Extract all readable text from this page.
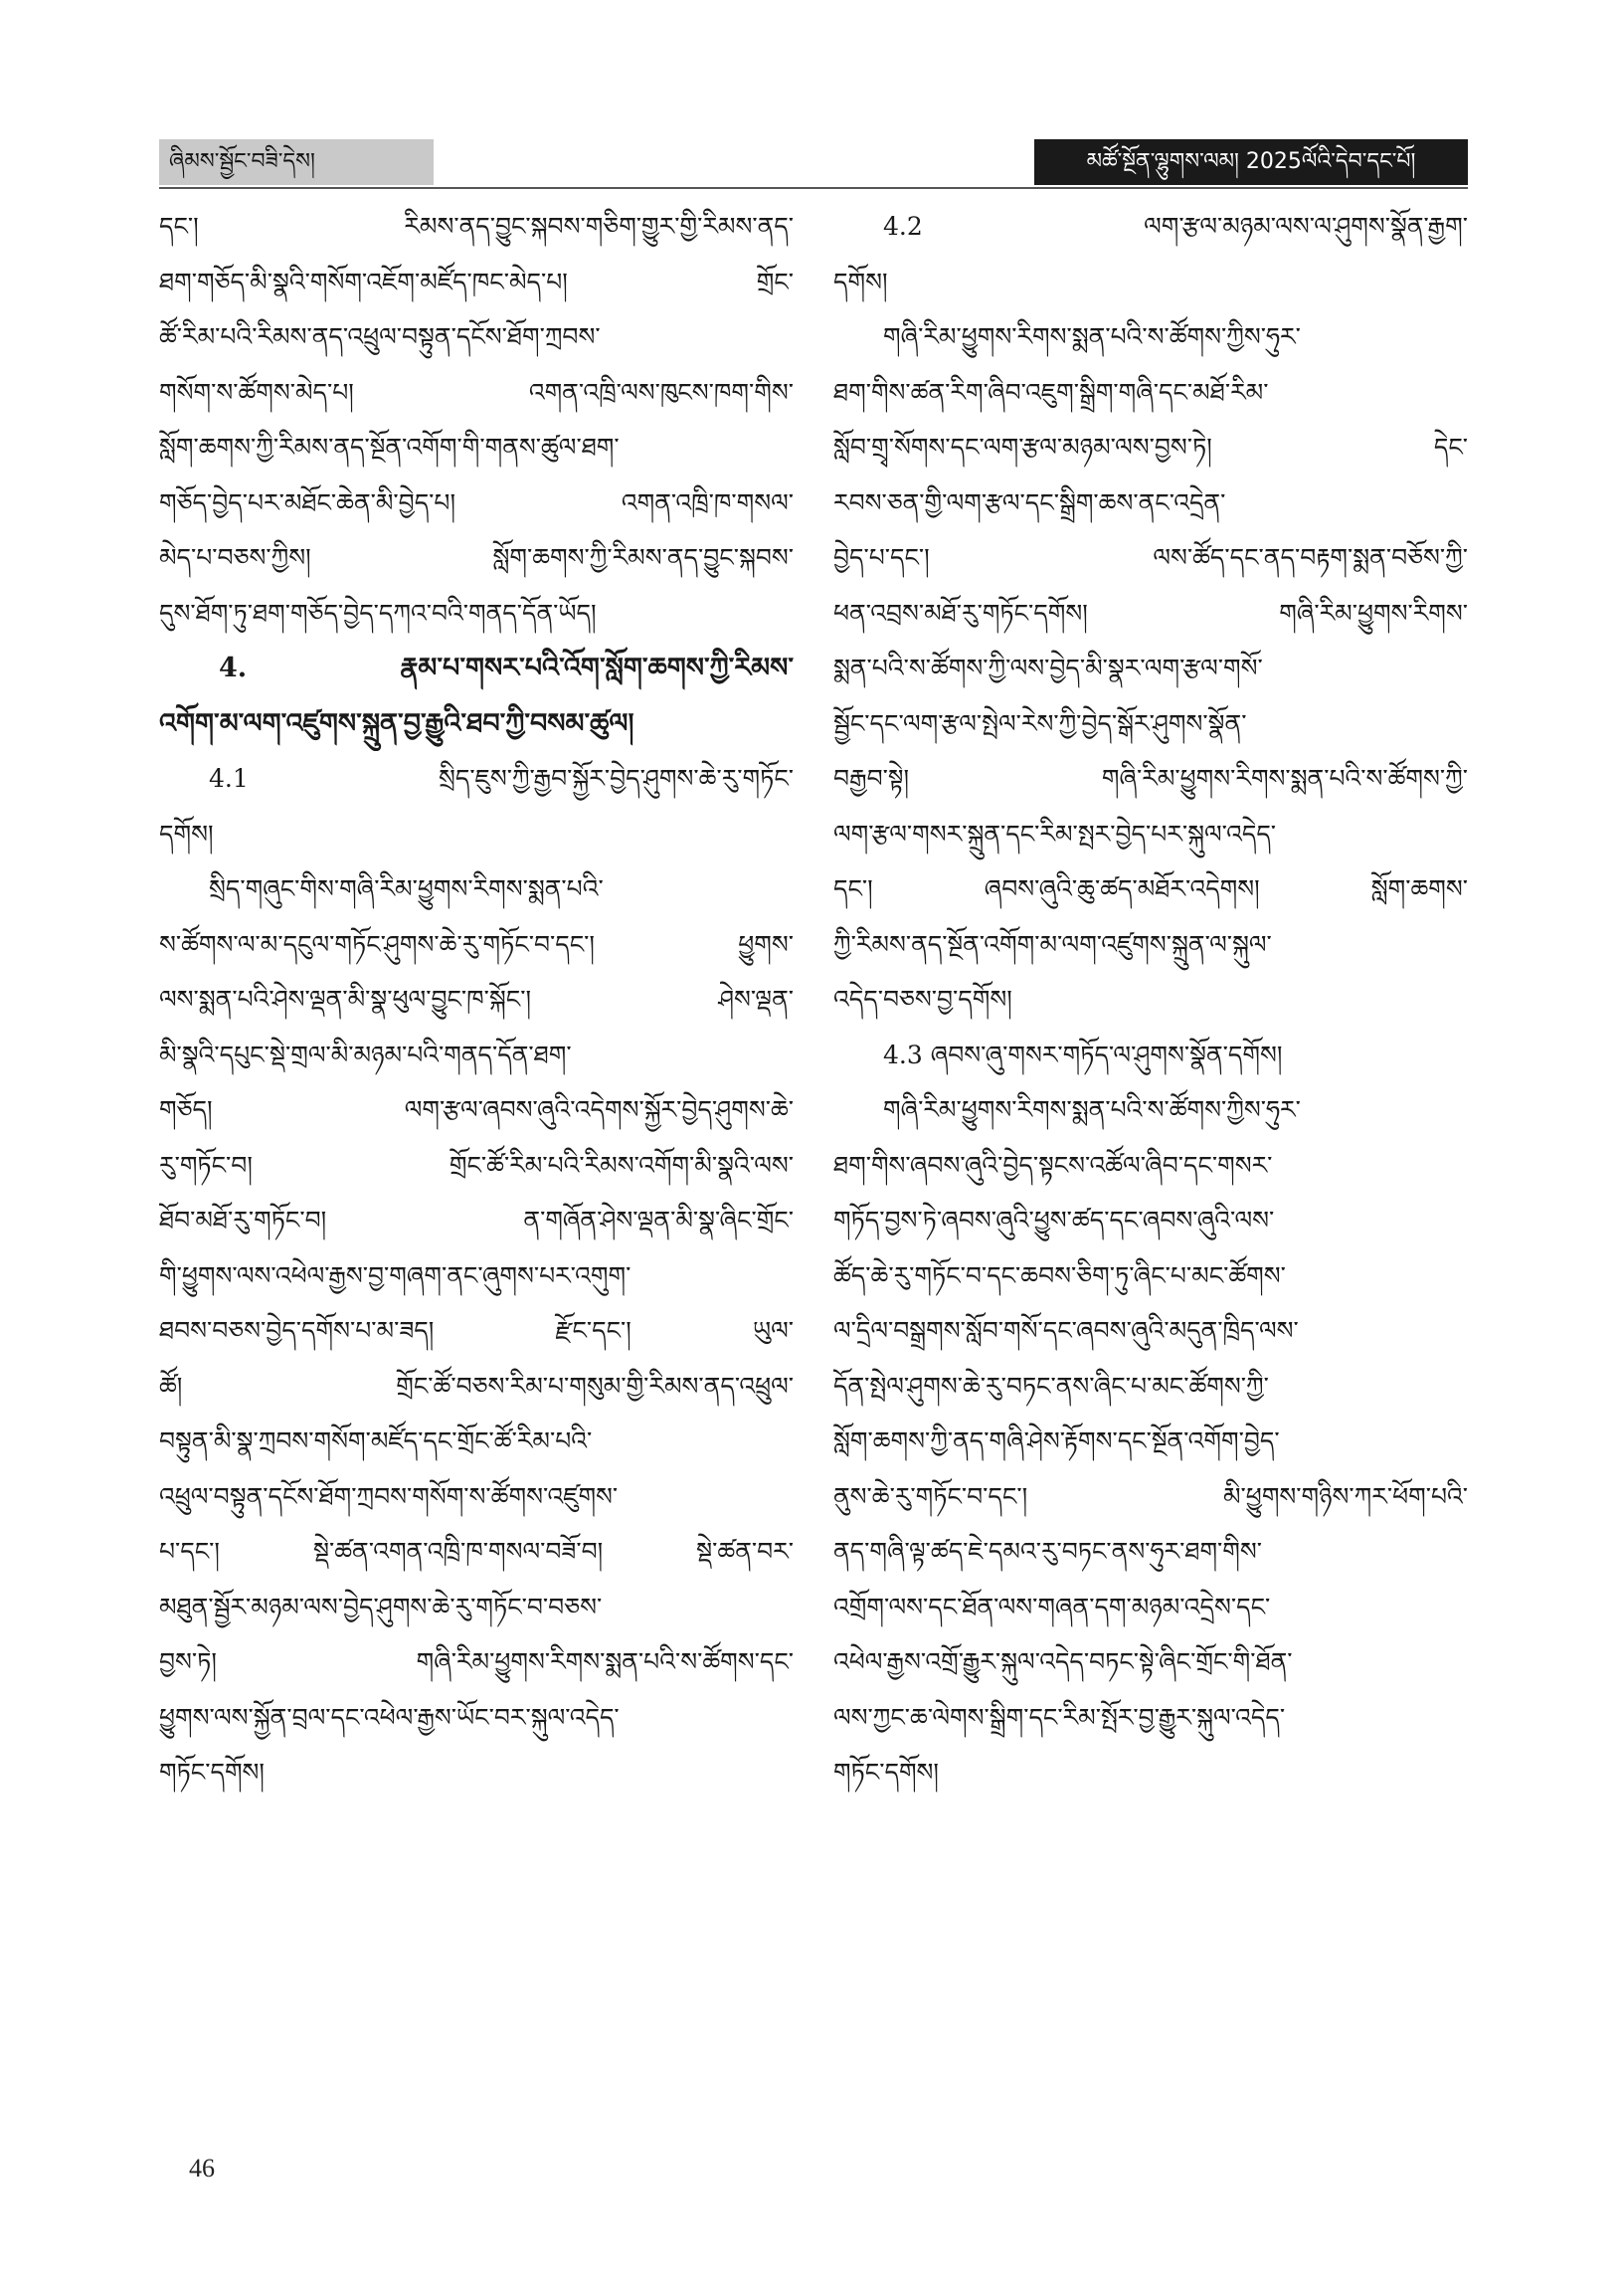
ཞིམས་སྦྱོང་བཟི་དེས།	མཚོ་སྔོན་ལྷུགས་ལམ། 2025ལོའི་དེབ་དང་པོ།
དང་། རིམས་ནད་བྱུང་སྐབས་གཅིག་གྱུར་གྱི་རིམས་ནད་
ཐག་གཅོད་མི་སྣའི་གསོག་འཇོག་མཛོད་ཁང་མེད་པ། གྲོང་
ཚོ་རིམ་པའི་རིམས་ནད་འཕྲུལ་བསྟུན་དངོས་ཐོག་ཀྲབས་
གསོག་ས་ཚོགས་མེད་པ། འགན་འཁྲི་ལས་ཁུངས་ཁག་གིས་
སློག་ཆགས་ཀྱི་རིམས་ནད་སྔོན་འགོག་གི་གནས་ཚུལ་ཐག་
གཅོད་བྱེད་པར་མཐོང་ཆེན་མི་བྱེད་པ། འགན་འཁྲི་ཁ་གསལ་
མེད་པ་བཅས་ཀྱིས། སློག་ཆགས་ཀྱི་རིམས་ནད་བྱུང་སྐབས་
དུས་ཐོག་ཏུ་ཐག་གཅོད་བྱེད་དཀའ་བའི་གནད་དོན་ཡོད།
4. རྣམ་པ་གསར་པའི་འོག་སློག་ཆགས་ཀྱི་རིམས་
འགོག་མ་ལག་འཛུགས་སྐྲུན་བྱ་རྒྱུའི་ཐབ་ཀྱི་བསམ་ཚུལ།
4.1 སྲིད་ཇུས་ཀྱི་རྒྱབ་སྐྱོར་བྱེད་ཤུགས་ཆེ་རུ་གཏོང་
དགོས།
སྲིད་གཞུང་གིས་གཞི་རིམ་ཕྱུགས་རིགས་སྨན་པའི་
ས་ཚོགས་ལ་མ་དངུལ་གཏོང་ཤུགས་ཆེ་རུ་གཏོང་བ་དང་། ཕྱུགས་
ལས་སྨན་པའི་ཤེས་ལྡན་མི་སྣ་ཕུལ་བྱུང་ཁ་སྐོང་། ཤེས་ལྡན་
མི་སྣའི་དཔུང་སྡེ་གྲལ་མི་མཉམ་པའི་གནད་དོན་ཐག་
གཅོད། ལག་རྩལ་ཞབས་ཞུའི་འདེགས་སྐྱོར་བྱེད་ཤུགས་ཆེ་
རུ་གཏོང་བ། གྲོང་ཚོ་རིམ་པའི་རིམས་འགོག་མི་སྣའི་ལས་
ཐོབ་མཐོ་རུ་གཏོང་བ། ན་གཞོན་ཤེས་ལྡན་མི་སྣ་ཞིང་གྲོང་
གི་ཕྱུགས་ལས་འཕེལ་རྒྱས་བྱ་གཞག་ནང་ཞུགས་པར་འགུག་
ཐབས་བཅས་བྱེད་དགོས་པ་མ་ཟད། རྫོང་དང་། ཡུལ་
ཚོ། གྲོང་ཚོ་བཅས་རིམ་པ་གསུམ་གྱི་རིམས་ནད་འཕྲུལ་
བསྟུན་མི་སྣ་ཀྲབས་གསོག་མཛོད་དང་གྲོང་ཚོ་རིམ་པའི་
འཕྲུལ་བསྟུན་དངོས་ཐོག་ཀྲབས་གསོག་ས་ཚོགས་འཛུགས་
པ་དང་། སྡེ་ཚན་འགན་འཁྲི་ཁ་གསལ་བཟོ་བ། སྡེ་ཚན་བར་
མཐུན་སྦྱོར་མཉམ་ལས་བྱེད་ཤུགས་ཆེ་རུ་གཏོང་བ་བཅས་
བྱས་ཏེ། གཞི་རིམ་ཕྱུགས་རིགས་སྨན་པའི་ས་ཚོགས་དང་
ཕྱུགས་ལས་སྐྱོན་བྲལ་དང་འཕེལ་རྒྱས་ཡོང་བར་སྐུལ་འདེད་
གཏོང་དགོས།
4.2 ལག་རྩལ་མཉམ་ལས་ལ་ཤུགས་སྣོན་རྒྱག་
དགོས།
གཞི་རིམ་ཕྱུགས་རིགས་སྨན་པའི་ས་ཚོགས་ཀྱིས་ཧུར་
ཐག་གིས་ཚན་རིག་ཞིབ་འཇུག་སྒྲིག་གཞི་དང་མཐོ་རིམ་
སློབ་གྲྭ་སོགས་དང་ལག་རྩལ་མཉམ་ལས་བྱས་ཏེ། དེང་
རབས་ཅན་གྱི་ལག་རྩལ་དང་སྒྲིག་ཆས་ནང་འདྲེན་
བྱེད་པ་དང་། ལས་ཚོད་དང་ནད་བརྟག་སྨན་བཅོས་ཀྱི་
ཕན་འབྲས་མཐོ་རུ་གཏོང་དགོས། གཞི་རིམ་ཕྱུགས་རིགས་
སྨན་པའི་ས་ཚོགས་ཀྱི་ལས་བྱེད་མི་སྣར་ལག་རྩལ་གསོ་
སྦྱོང་དང་ལག་རྩལ་སྤེལ་རེས་ཀྱི་བྱེད་སྒོར་ཤུགས་སྣོན་
བརྒྱབ་སྟེ། གཞི་རིམ་ཕྱུགས་རིགས་སྨན་པའི་ས་ཚོགས་ཀྱི་
ལག་རྩལ་གསར་སྐྲུན་དང་རིམ་སྤར་བྱེད་པར་སྐུལ་འདེད་
དང་། ཞབས་ཞུའི་ཆུ་ཚད་མཐོར་འདེགས། སློག་ཆགས་
ཀྱི་རིམས་ནད་སྔོན་འགོག་མ་ལག་འཛུགས་སྐྲུན་ལ་སྐུལ་
འདེད་བཅས་བྱ་དགོས།
4.3 ཞབས་ཞུ་གསར་གཏོད་ལ་ཤུགས་སྣོན་དགོས།
གཞི་རིམ་ཕྱུགས་རིགས་སྨན་པའི་ས་ཚོགས་ཀྱིས་ཧུར་
ཐག་གིས་ཞབས་ཞུའི་བྱེད་སྟངས་འཚོལ་ཞིབ་དང་གསར་
གཏོད་བྱས་ཏེ་ཞབས་ཞུའི་ཕྱུས་ཚད་དང་ཞབས་ཞུའི་ལས་
ཚོད་ཆེ་རུ་གཏོང་བ་དང་ཆབས་ཅིག་ཏུ་ཞིང་པ་མང་ཚོགས་
ལ་དྲིལ་བསྒྲགས་སློབ་གསོ་དང་ཞབས་ཞུའི་མདུན་ཁྲིད་ལས་
དོན་སྤེལ་ཤུགས་ཆེ་རུ་བཏང་ནས་ཞིང་པ་མང་ཚོགས་ཀྱི་
སློག་ཆགས་ཀྱི་ནད་གཞི་ཤེས་རྟོགས་དང་སྔོན་འགོག་བྱེད་
ནུས་ཆེ་རུ་གཏོང་བ་དང་། མི་ཕྱུགས་གཉིས་ཀར་ཕོག་པའི་
ནད་གཞི་ལྟ་ཚད་ཇེ་དམའ་རུ་བཏང་ནས་ཧུར་ཐག་གིས་
འགྲོག་ལས་དང་ཐོན་ལས་གཞན་དག་མཉམ་འདྲེས་དང་
འཕེལ་རྒྱས་འགྲོ་རྒྱུར་སྐུལ་འདེད་བཏང་སྟེ་ཞིང་གྲོང་གི་ཐོན་
ལས་ཀྱང་ཆ་ལེགས་སྒྲིག་དང་རིམ་སྤོར་བྱ་རྒྱུར་སྐུལ་འདེད་
གཏོང་དགོས།
46
